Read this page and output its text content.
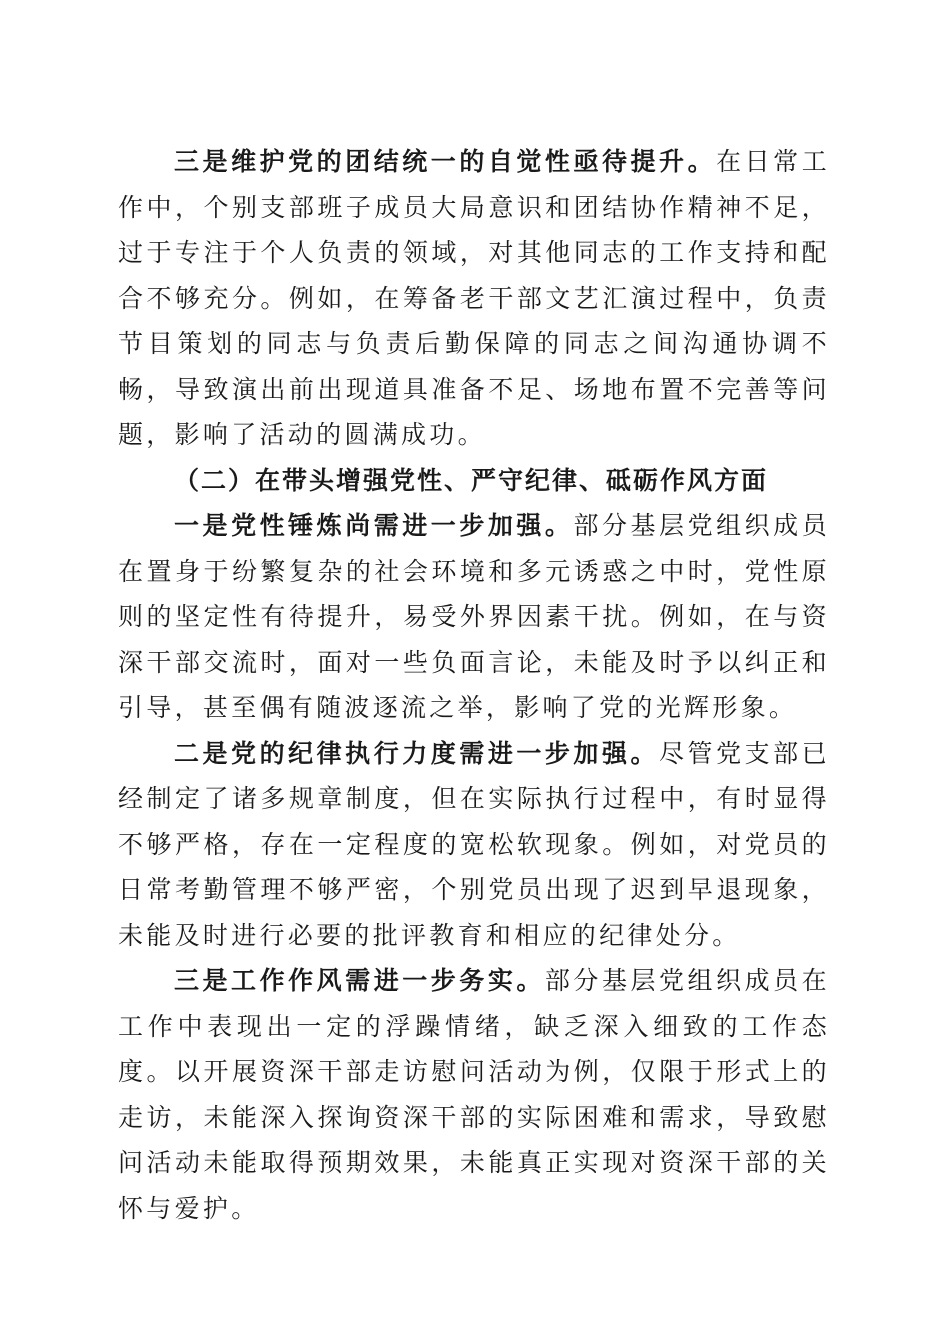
三是维护党的团结统一的自觉性亟待提升。在日常工作中，个别支部班子成员大局意识和团结协作精神不足，过于专注于个人负责的领域，对其他同志的工作支持和配合不够充分。例如，在筹备老干部文艺汇演过程中，负责节目策划的同志与负责后勤保障的同志之间沟通协调不畅，导致演出前出现道具准备不足、场地布置不完善等问题，影响了活动的圆满成功。

（二）在带头增强党性、严守纪律、砥砺作风方面

一是党性锤炼尚需进一步加强。部分基层党组织成员在置身于纷繁复杂的社会环境和多元诱惑之中时，党性原则的坚定性有待提升，易受外界因素干扰。例如，在与资深干部交流时，面对一些负面言论，未能及时予以纠正和引导，甚至偶有随波逐流之举，影响了党的光辉形象。

二是党的纪律执行力度需进一步加强。尽管党支部已经制定了诸多规章制度，但在实际执行过程中，有时显得不够严格，存在一定程度的宽松软现象。例如，对党员的日常考勤管理不够严密，个别党员出现了迟到早退现象，未能及时进行必要的批评教育和相应的纪律处分。

三是工作作风需进一步务实。部分基层党组织成员在工作中表现出一定的浮躁情绪，缺乏深入细致的工作态度。以开展资深干部走访慰问活动为例，仅限于形式上的走访，未能深入探询资深干部的实际困难和需求，导致慰问活动未能取得预期效果，未能真正实现对资深干部的关怀与爱护。
